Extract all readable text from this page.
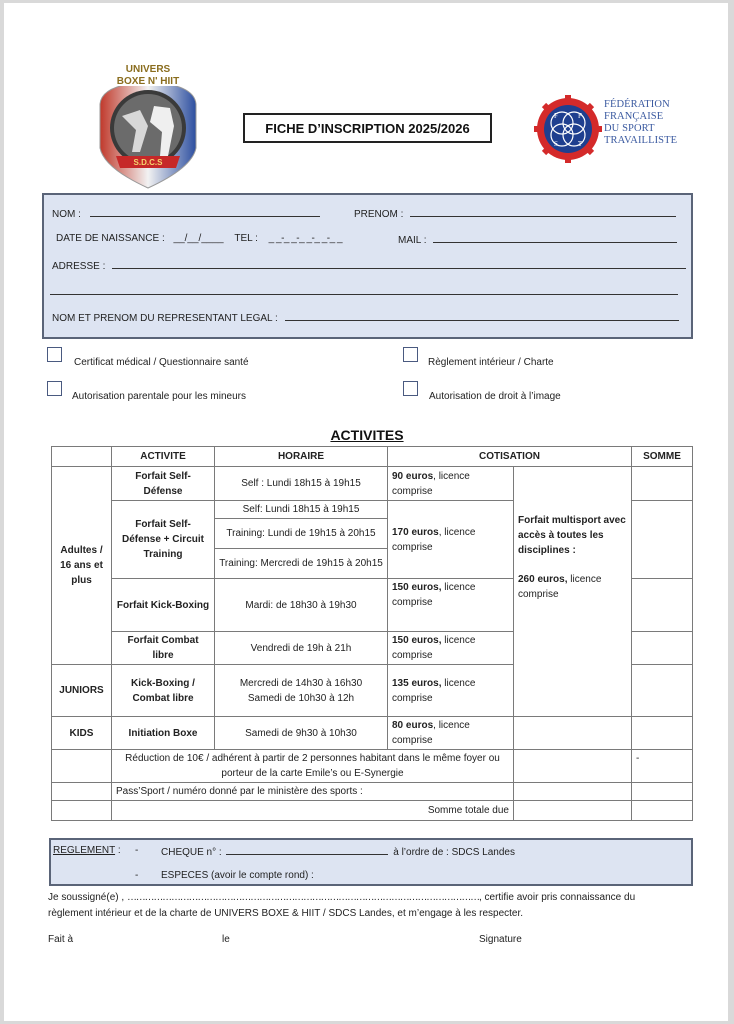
S.D.C.S
UNIVERS
BOXE N' HIIT
FICHE D’INSCRIPTION 2025/2026
F	F
S	T
FÉDÉRATION
FRANÇAISE
DU SPORT
TRAVAILLISTE
NOM :	PRENOM :
DATE DE NAISSANCE : __/__/____ TEL : _ _-_ _-_ _-_ _-_ _	MAIL :
ADRESSE :
NOM ET PRENOM DU REPRESENTANT LEGAL :
Certificat médical / Questionnaire santé	Règlement intérieur / Charte
Autorisation parentale pour les mineurs	Autorisation de droit à l’image
ACTIVITES
	ACTIVITE	HORAIRE	COTISATION		SOMME
Adultes / 16 ans et plus	Forfait Self-Défense	Self : Lundi 18h15 à 19h15	90 euros, licence comprise	Forfait multisport avec accès à toutes les disciplines :
260 euros, licence comprise	

	Forfait Self-Défense + Circuit Training	Self: Lundi 18h15 à 19h15	170 euros, licence comprise		
		Training: Lundi de 19h15 à 20h15			
		Training: Mercredi de 19h15 à 20h15			
	Forfait Kick-Boxing	Mardi: de 18h30 à 19h30	150 euros, licence comprise		
	Forfait Combat libre	Vendredi de 19h à 21h	150 euros, licence comprise		
JUNIORS	Kick-Boxing / Combat libre	Mercredi de 14h30 à 16h30
Samedi de 10h30 à 12h	135 euros, licence comprise		
KIDS	Initiation Boxe	Samedi de 9h30 à 10h30	80 euros, licence comprise		
	Réduction de 10€ / adhérent à partir de 2 personnes habitant dans le même foyer ou porteur de la carte Emile’s ou E-Synergie				-
	Pass’Sport / numéro donné par le ministère des sports :				
	Somme totale due				
REGLEMENT : - CHEQUE n° :	à l’ordre de : SDCS Landes
- ESPECES (avoir le compte rond) :
Je soussigné(e) , …………………………………………………………………………………………………………, certifie avoir pris connaissance du
règlement intérieur et de la charte de UNIVERS BOXE & HIIT / SDCS Landes, et m’engage à les respecter.
Fait à	le	Signature
